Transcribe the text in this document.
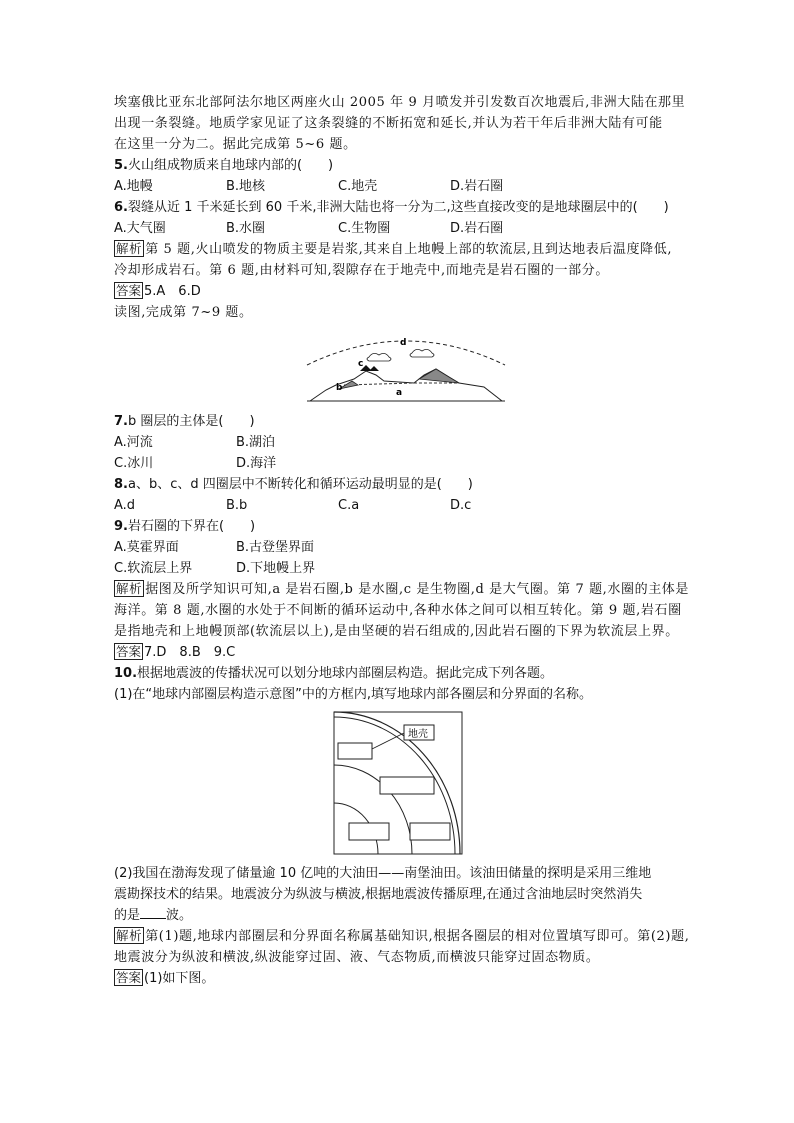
埃塞俄比亚东北部阿法尔地区两座火山 2005 年 9 月喷发并引发数百次地震后,非洲大陆在那里
出现一条裂缝。地质学家见证了这条裂缝的不断拓宽和延长,并认为若干年后非洲大陆有可能
在这里一分为二。据此完成第 5~6 题。
5.火山组成物质来自地球内部的(　　)
A.地幔	B.地核	C.地壳	D.岩石圈
6.裂缝从近 1 千米延长到 60 千米,非洲大陆也将一分为二,这些直接改变的是地球圈层中的(　　)
A.大气圈	B.水圈	C.生物圈	D.岩石圈
解析 第 5 题,火山喷发的物质主要是岩浆,其来自上地幔上部的软流层,且到达地表后温度降低,
冷却形成岩石。第 6 题,由材料可知,裂隙存在于地壳中,而地壳是岩石圈的一部分。
答案 5.A　6.D
读图,完成第 7~9 题。
d
c
b	a
7.b 圈层的主体是(　　)
A.河流	B.湖泊
C.冰川	D.海洋
8.a、b、c、d 四圈层中不断转化和循环运动最明显的是(　　)
A.d	B.b	C.a	D.c
9.岩石圈的下界在(　　)
A.莫霍界面	B.古登堡界面
C.软流层上界	D.下地幔上界
解析 据图及所学知识可知,a 是岩石圈,b 是水圈,c 是生物圈,d 是大气圈。第 7 题,水圈的主体是
海洋。第 8 题,水圈的水处于不间断的循环运动中,各种水体之间可以相互转化。第 9 题,岩石圈
是指地壳和上地幔顶部(软流层以上),是由坚硬的岩石组成的,因此岩石圈的下界为软流层上界。
答案 7.D　8.B　9.C
10.根据地震波的传播状况可以划分地球内部圈层构造。据此完成下列各题。
(1)在“地球内部圈层构造示意图”中的方框内,填写地球内部各圈层和分界面的名称。
地壳
(2)我国在渤海发现了储量逾 10 亿吨的大油田——南堡油田。该油田储量的探明是采用三维地
震勘探技术的结果。地震波分为纵波与横波,根据地震波传播原理,在通过含油地层时突然消失
的是 波。
解析 第(1)题,地球内部圈层和分界面名称属基础知识,根据各圈层的相对位置填写即可。第(2)题,
地震波分为纵波和横波,纵波能穿过固、液、气态物质,而横波只能穿过固态物质。
答案 (1)如下图。
